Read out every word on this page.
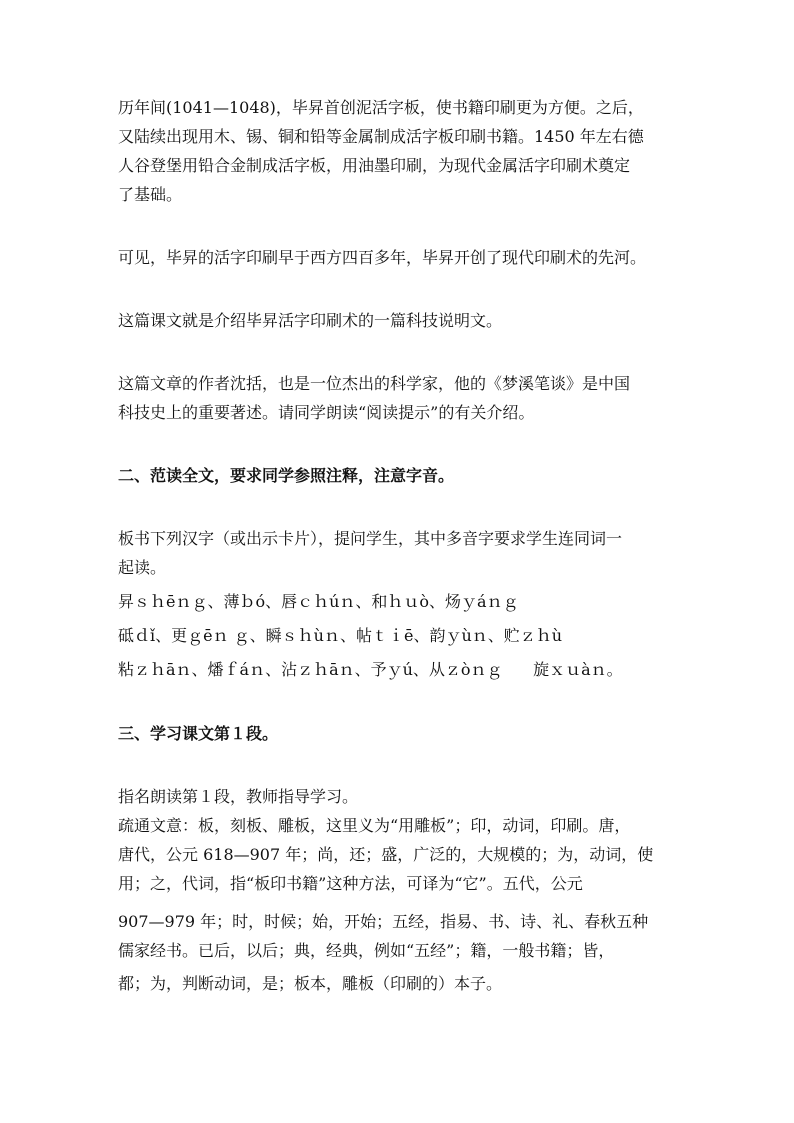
历年间(1041—1048)，毕昇首创泥活字板，使书籍印刷更为方便。之后，
又陆续出现用木、锡、铜和铅等金属制成活字板印刷书籍。1450 年左右德
人谷登堡用铅合金制成活字板，用油墨印刷，为现代金属活字印刷术奠定
了基础。
可见，毕昇的活字印刷早于西方四百多年，毕昇开创了现代印刷术的先河。
这篇课文就是介绍毕昇活字印刷术的一篇科技说明文。
这篇文章的作者沈括，也是一位杰出的科学家，他的《梦溪笔谈》是中国
科技史上的重要著述。请同学朗读“阅读提示”的有关介绍。
二、范读全文，要求同学参照注释，注意字音。
板书下列汉字（或出示卡片），提问学生，其中多音字要求学生连同词一
起读。
昇ｓｈēｎｇ、薄ｂó、唇ｃｈúｎ、和ｈｕò、炀ｙáｎｇ
砥ｄǐ、更ｇēｎ ｇ、瞬ｓｈùｎ、帖ｔｉē、韵ｙùｎ、贮ｚｈù
粘ｚｈāｎ、燔ｆáｎ、沾ｚｈāｎ、予ｙú、从ｚòｎｇ      旋ｘｕàｎ。
三、学习课文第１段。
指名朗读第１段，教师指导学习。
疏通文意：板，刻板、雕板，这里义为“用雕板”；印，动词，印刷。唐，
唐代，公元 618—907 年；尚，还；盛，广泛的，大规模的；为，动词，使
用；之，代词，指“板印书籍”这种方法，可译为“它”。五代，公元
907—979 年；时，时候；始，开始；五经，指易、书、诗、礼、春秋五种
儒家经书。已后，以后；典，经典，例如“五经”；籍，一般书籍；皆，
都；为，判断动词，是；板本，雕板（印刷的）本子。
